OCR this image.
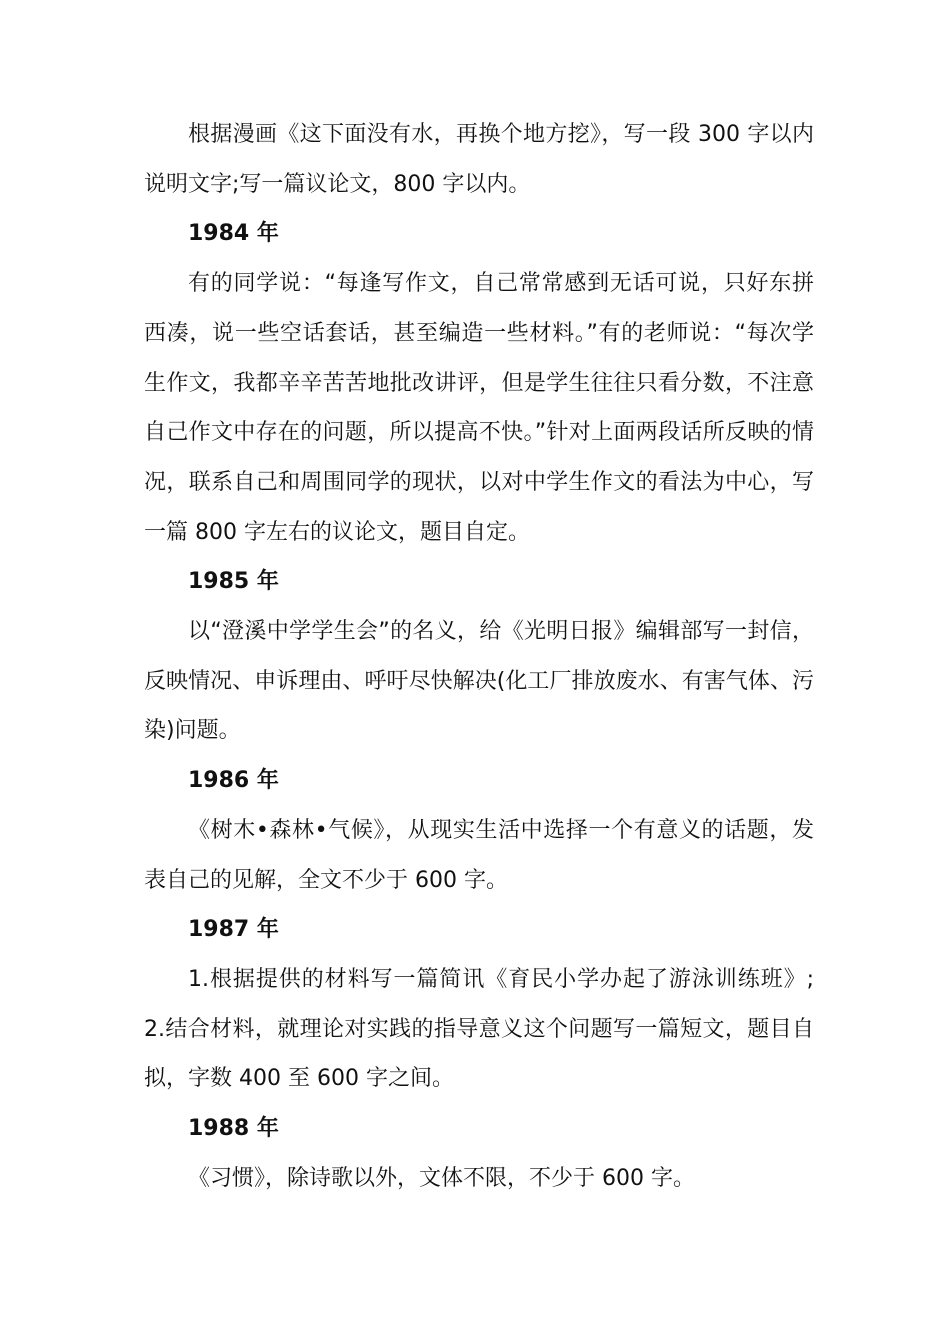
根据漫画《这下面没有水，再换个地方挖》，写一段 300 字以内说明文字;写一篇议论文，800 字以内。

1984 年

有的同学说：“每逢写作文，自己常常感到无话可说，只好东拼西凑，说一些空话套话，甚至编造一些材料。”有的老师说：“每次学生作文，我都辛辛苦苦地批改讲评，但是学生往往只看分数，不注意自己作文中存在的问题，所以提高不快。”针对上面两段话所反映的情况，联系自己和周围同学的现状，以对中学生作文的看法为中心，写一篇 800 字左右的议论文，题目自定。

1985 年

以“澄溪中学学生会”的名义，给《光明日报》编辑部写一封信，反映情况、申诉理由、呼吁尽快解决(化工厂排放废水、有害气体、污染)问题。

1986 年

《树木•森林•气候》，从现实生活中选择一个有意义的话题，发表自己的见解，全文不少于 600 字。

1987 年

1.根据提供的材料写一篇简讯《育民小学办起了游泳训练班》; 2.结合材料，就理论对实践的指导意义这个问题写一篇短文，题目自拟，字数 400 至 600 字之间。

1988 年

《习惯》，除诗歌以外，文体不限，不少于 600 字。
